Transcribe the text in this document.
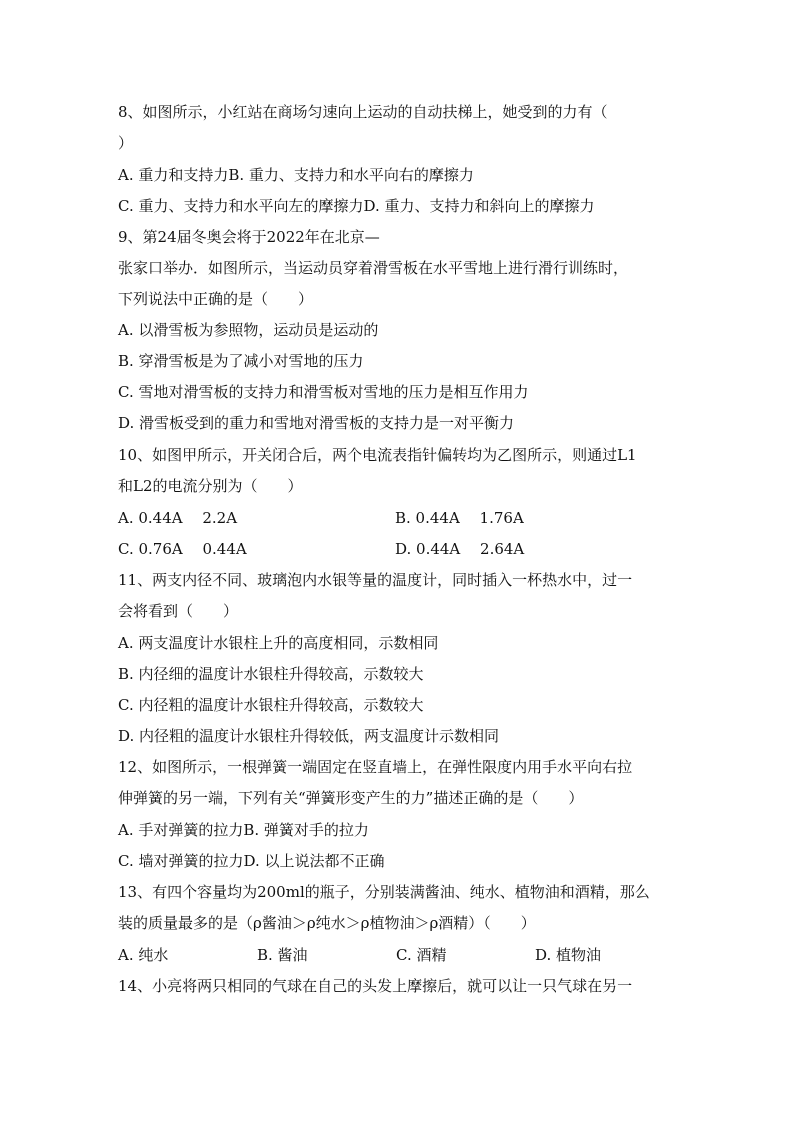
8、如图所示，小红站在商场匀速向上运动的自动扶梯上，她受到的力有（
）
A. 重力和支持力B. 重力、支持力和水平向右的摩擦力
C. 重力、支持力和水平向左的摩擦力D. 重力、支持力和斜向上的摩擦力
9、第24届冬奥会将于2022年在北京—
张家口举办．如图所示，当运动员穿着滑雪板在水平雪地上进行滑行训练时，
下列说法中正确的是（　　）
A. 以滑雪板为参照物，运动员是运动的
B. 穿滑雪板是为了减小对雪地的压力
C. 雪地对滑雪板的支持力和滑雪板对雪地的压力是相互作用力
D. 滑雪板受到的重力和雪地对滑雪板的支持力是一对平衡力
10、如图甲所示，开关闭合后，两个电流表指针偏转均为乙图所示，则通过L1
和L2的电流分别为（　　）
A. 0.44A　 2.2A	B. 0.44A　 1.76A
C. 0.76A　 0.44A	D. 0.44A　 2.64A
11、两支内径不同、玻璃泡内水银等量的温度计，同时插入一杯热水中，过一
会将看到（　　）
A. 两支温度计水银柱上升的高度相同，示数相同
B. 内径细的温度计水银柱升得较高，示数较大
C. 内径粗的温度计水银柱升得较高，示数较大
D. 内径粗的温度计水银柱升得较低，两支温度计示数相同
12、如图所示，一根弹簧一端固定在竖直墙上，在弹性限度内用手水平向右拉
伸弹簧的另一端，下列有关“弹簧形变产生的力”描述正确的是（　　）
A. 手对弹簧的拉力B. 弹簧对手的拉力
C. 墙对弹簧的拉力D. 以上说法都不正确
13、有四个容量均为200ml的瓶子，分别装满酱油、纯水、植物油和酒精，那么
装的质量最多的是（ρ酱油＞ρ纯水＞ρ植物油＞ρ酒精）（　　）
A. 纯水	B. 酱油	C. 酒精	D. 植物油
14、小亮将两只相同的气球在自己的头发上摩擦后，就可以让一只气球在另一
